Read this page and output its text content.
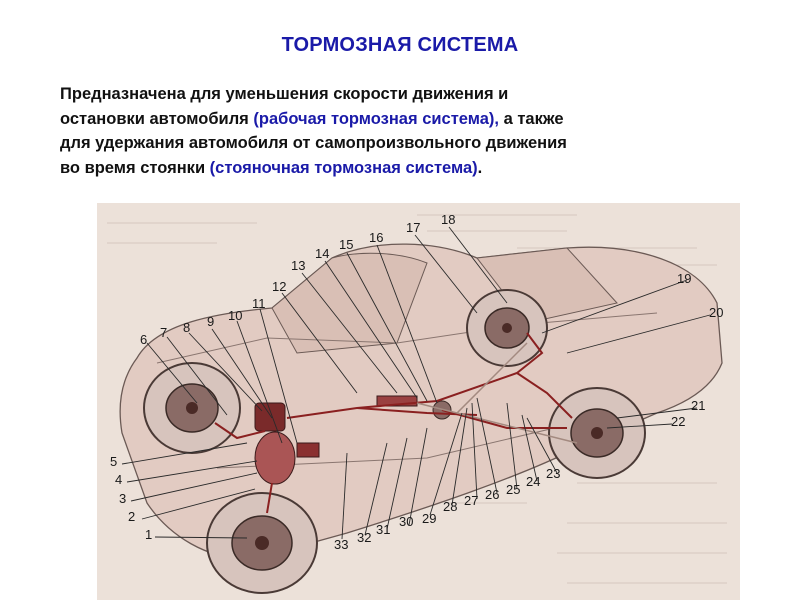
ТОРМОЗНАЯ СИСТЕМА
Предназначена для уменьшения скорости движения и
остановки автомобиля (рабочая тормозная система), а также
для удержания автомобиля от самопроизвольного движения
во время стоянки (стояночная тормозная система).
1
2
3
4
5
6 7 8 9 10
11
12
13
14
15 16
17
18
19
20
21
22
23
24
25
26
27
28
29
30
31
32
33
